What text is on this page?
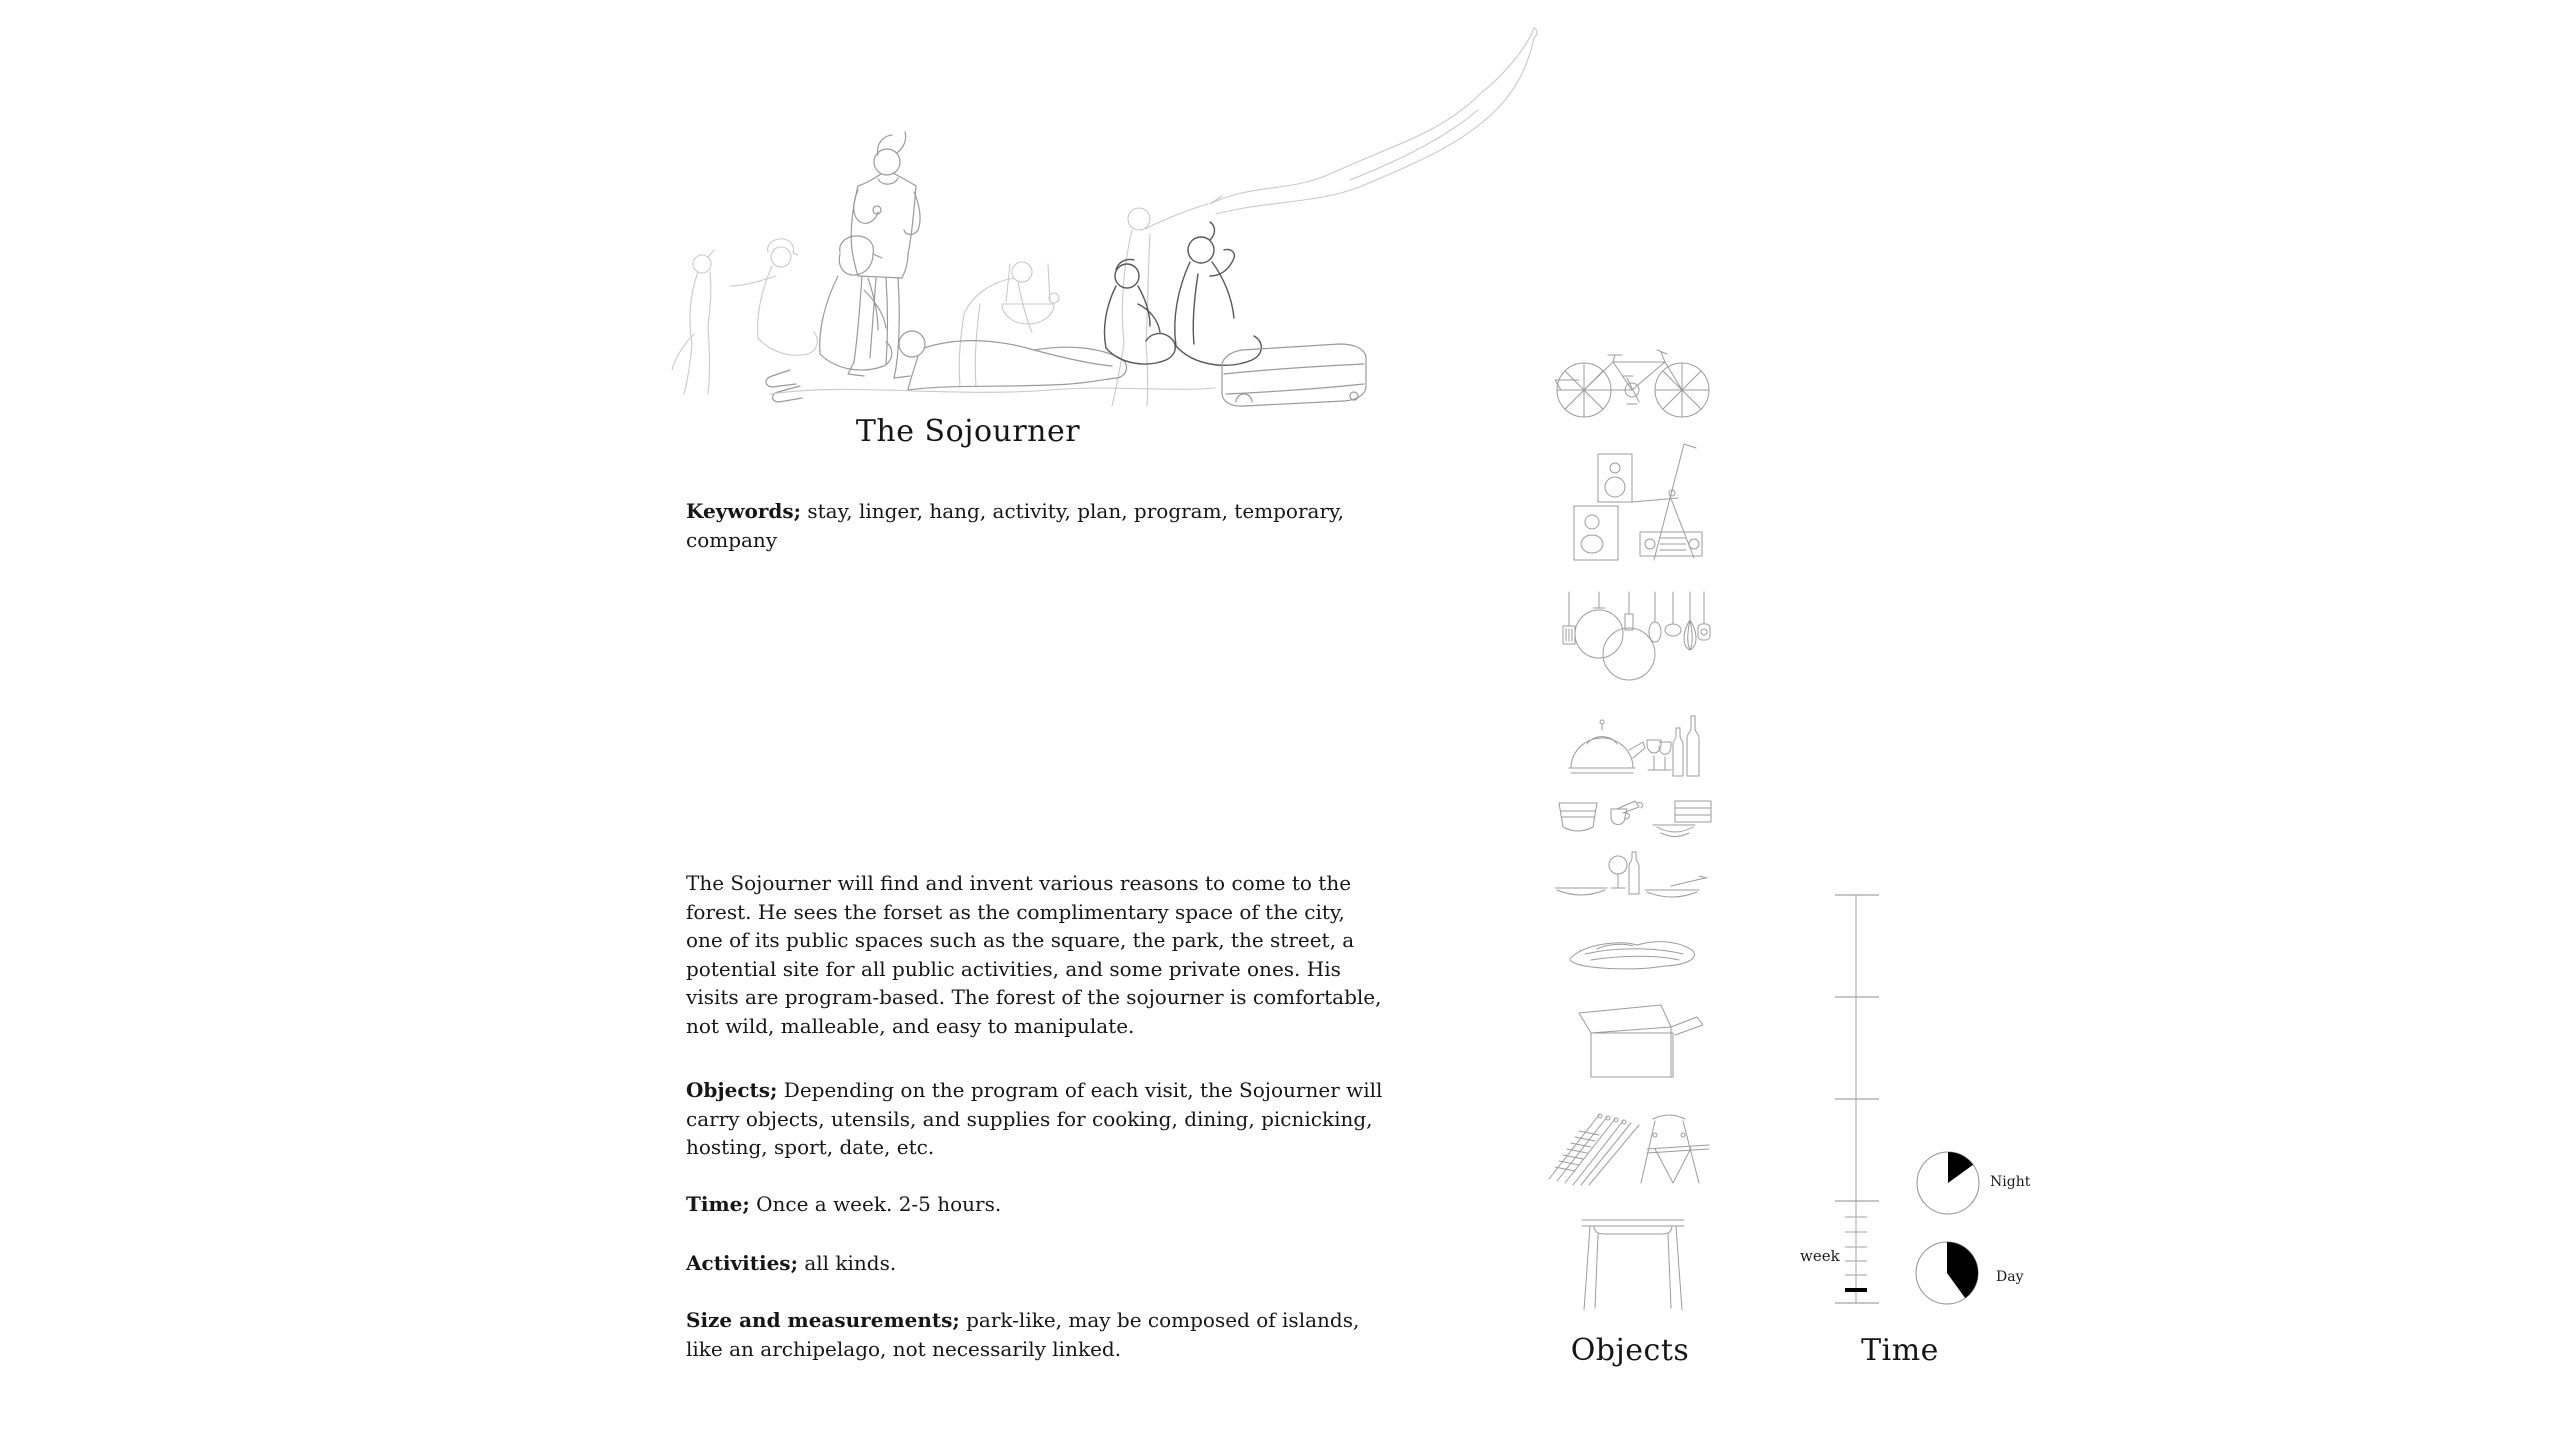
The Sojourner

Keywords; stay, linger, hang, activity, plan, program, temporary, company

The Sojourner will find and invent various reasons to come to the forest. He sees the forset as the complimentary space of the city, one of its public spaces such as the square, the park, the street, a potential site for all public activities, and some private ones. His visits are program-based. The forest of the sojourner is comfortable, not wild, malleable, and easy to manipulate.

Objects; Depending on the program of each visit, the Sojourner will carry objects, utensils, and supplies for cooking, dining, picnicking, hosting, sport, date, etc.

Time; Once a week. 2-5 hours.

Activities; all kinds.

Size and measurements; park-like, may be composed of islands, like an archipelago, not necessarily linked.	Objects
week
Night
Day
Time
